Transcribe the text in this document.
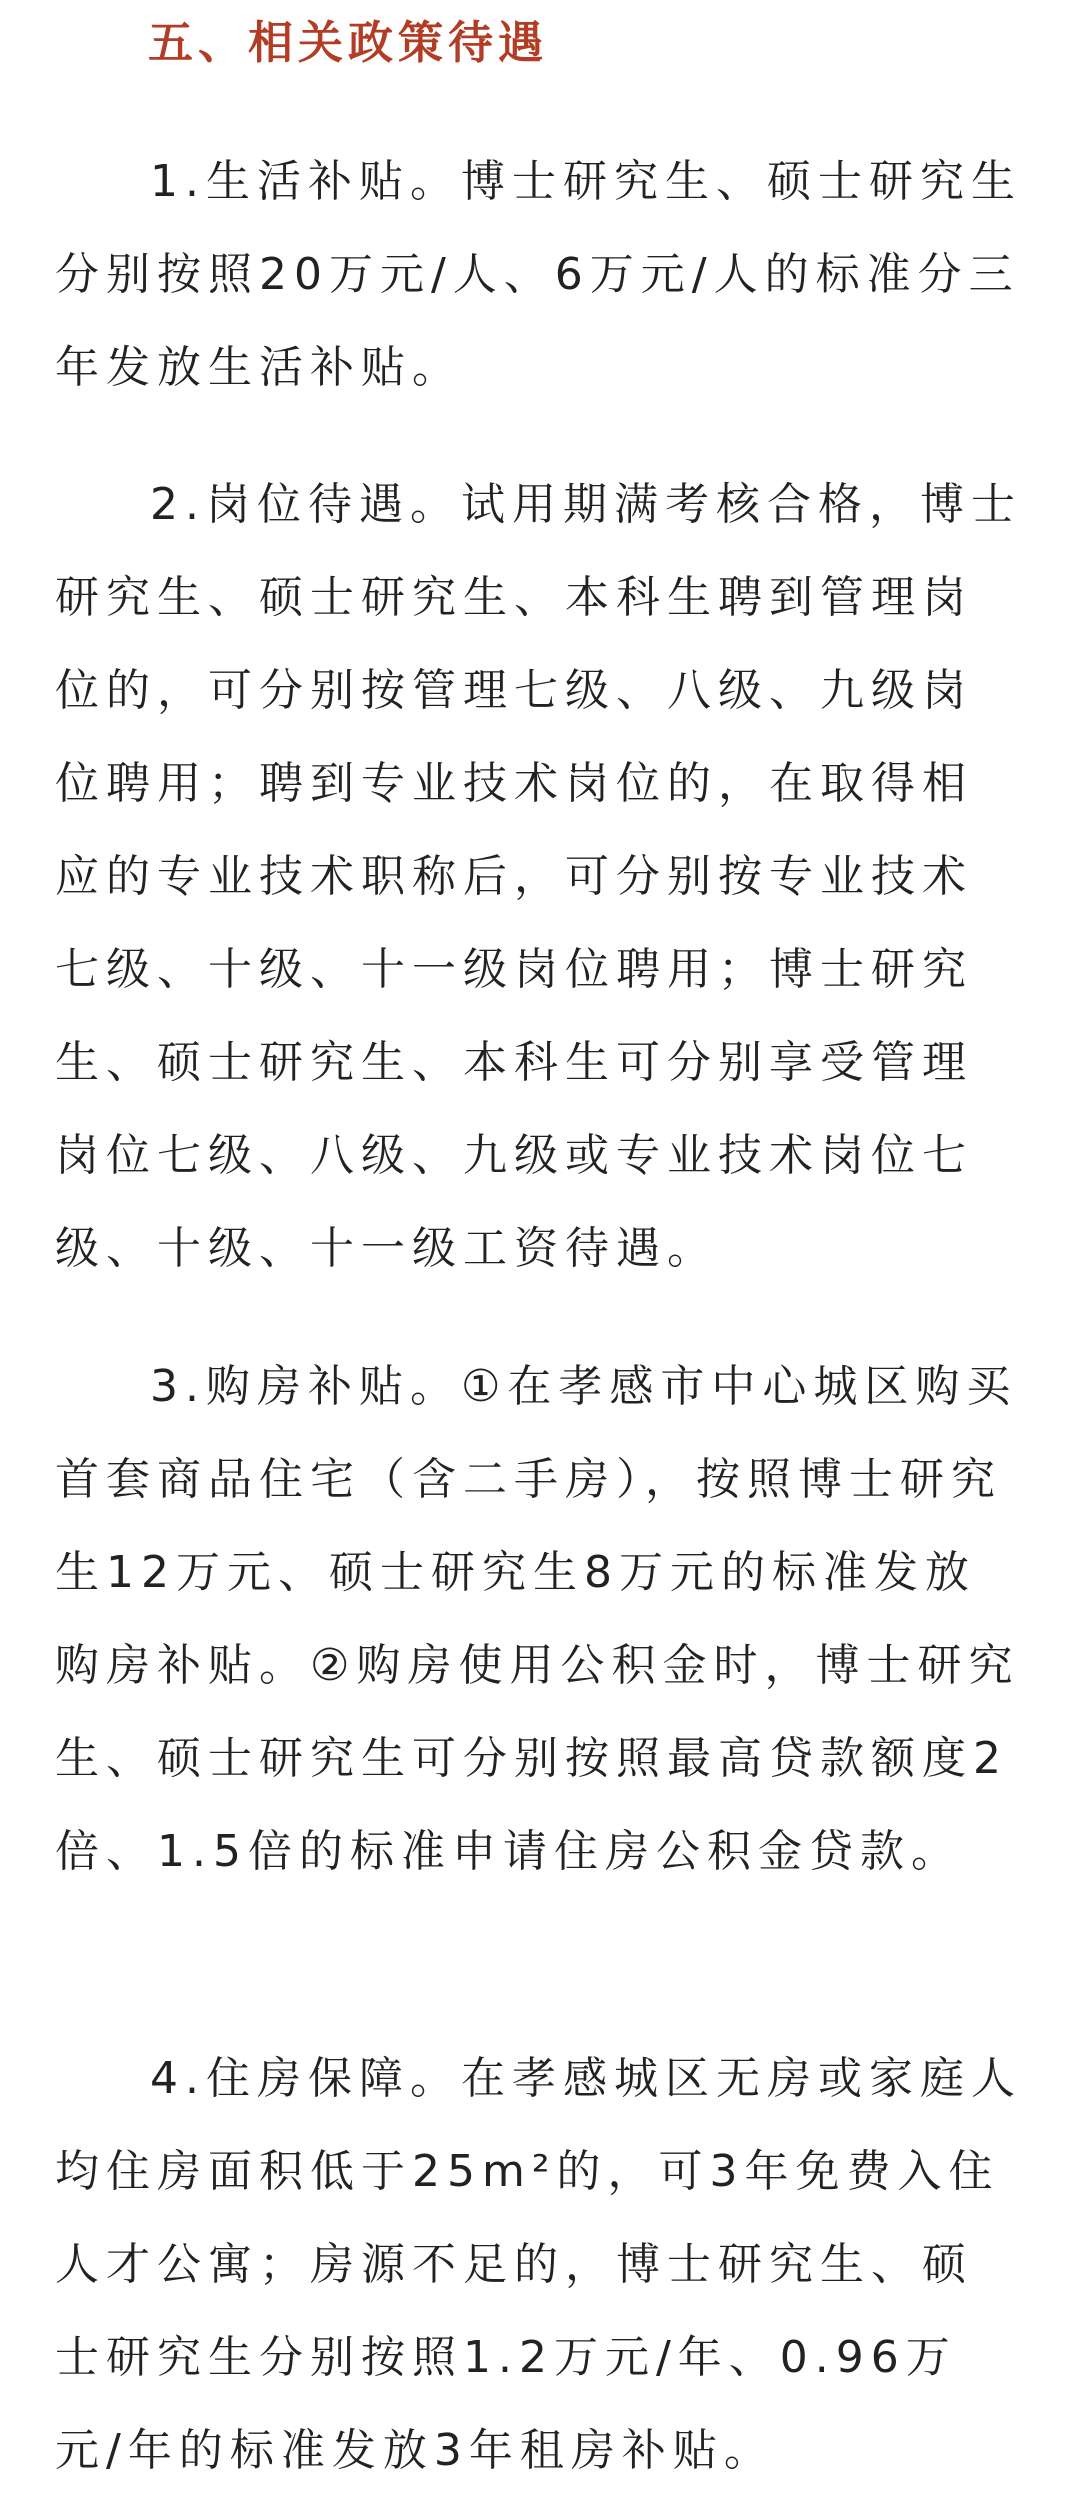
五、相关政策待遇

1.生活补贴。博士研究生、硕士研究生分别按照20万元/人、6万元/人的标准分三年发放生活补贴。

2.岗位待遇。试用期满考核合格，博士研究生、硕士研究生、本科生聘到管理岗位的，可分别按管理七级、八级、九级岗位聘用；聘到专业技术岗位的，在取得相应的专业技术职称后，可分别按专业技术七级、十级、十一级岗位聘用；博士研究生、硕士研究生、本科生可分别享受管理岗位七级、八级、九级或专业技术岗位七级、十级、十一级工资待遇。

3.购房补贴。①在孝感市中心城区购买首套商品住宅（含二手房），按照博士研究生12万元、硕士研究生8万元的标准发放购房补贴。②购房使用公积金时，博士研究生、硕士研究生可分别按照最高贷款额度2倍、1.5倍的标准申请住房公积金贷款。

4.住房保障。在孝感城区无房或家庭人均住房面积低于25m²的，可3年免费入住人才公寓；房源不足的，博士研究生、硕士研究生分别按照1.2万元/年、0.96万元/年的标准发放3年租房补贴。
